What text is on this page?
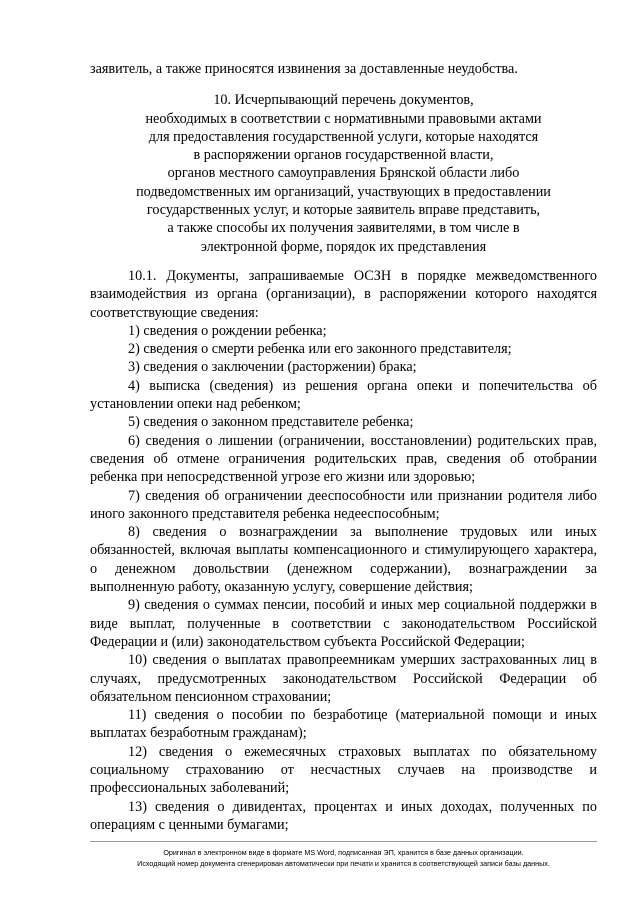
заявитель, а также приносятся извинения за доставленные неудобства.

10. Исчерпывающий перечень документов,
необходимых в соответствии с нормативными правовыми актами
для предоставления государственной услуги, которые находятся
в распоряжении органов государственной власти,
органов местного самоуправления Брянской области либо
подведомственных им организаций, участвующих в предоставлении
государственных услуг, и которые заявитель вправе представить,
а также способы их получения заявителями, в том числе в
электронной форме, порядок их представления

10.1. Документы, запрашиваемые ОСЗН в порядке межведомственного взаимодействия из органа (организации), в распоряжении которого находятся соответствующие сведения:

1) сведения о рождении ребенка;

2) сведения о смерти ребенка или его законного представителя;

3) сведения о заключении (расторжении) брака;

4) выписка (сведения) из решения органа опеки и попечительства об установлении опеки над ребенком;

5) сведения о законном представителе ребенка;

6) сведения о лишении (ограничении, восстановлении) родительских прав, сведения об отмене ограничения родительских прав, сведения об отобрании ребенка при непосредственной угрозе его жизни или здоровью;

7) сведения об ограничении дееспособности или признании родителя либо иного законного представителя ребенка недееспособным;

8) сведения о вознаграждении за выполнение трудовых или иных обязанностей, включая выплаты компенсационного и стимулирующего характера, о денежном довольствии (денежном содержании), вознаграждении за выполненную работу, оказанную услугу, совершение действия;

9) сведения о суммах пенсии, пособий и иных мер социальной поддержки в виде выплат, полученные в соответствии с законодательством Российской Федерации и (или) законодательством субъекта Российской Федерации;

10) сведения о выплатах правопреемникам умерших застрахованных лиц в случаях, предусмотренных законодательством Российской Федерации об обязательном пенсионном страховании;

11) сведения о пособии по безработице (материальной помощи и иных выплатах безработным гражданам);

12) сведения о ежемесячных страховых выплатах по обязательному социальному страхованию от несчастных случаев на производстве и профессиональных заболеваний;

13) сведения о дивидентах, процентах и иных доходах, полученных по операциям с ценными бумагами;

Оригинал в электронном виде в формате MS Word, подписанная ЭП, хранится в базе данных организации.
Исходящий номер документа сгенерирован автоматически при печати и хранится в соответствующей записи базы данных.
